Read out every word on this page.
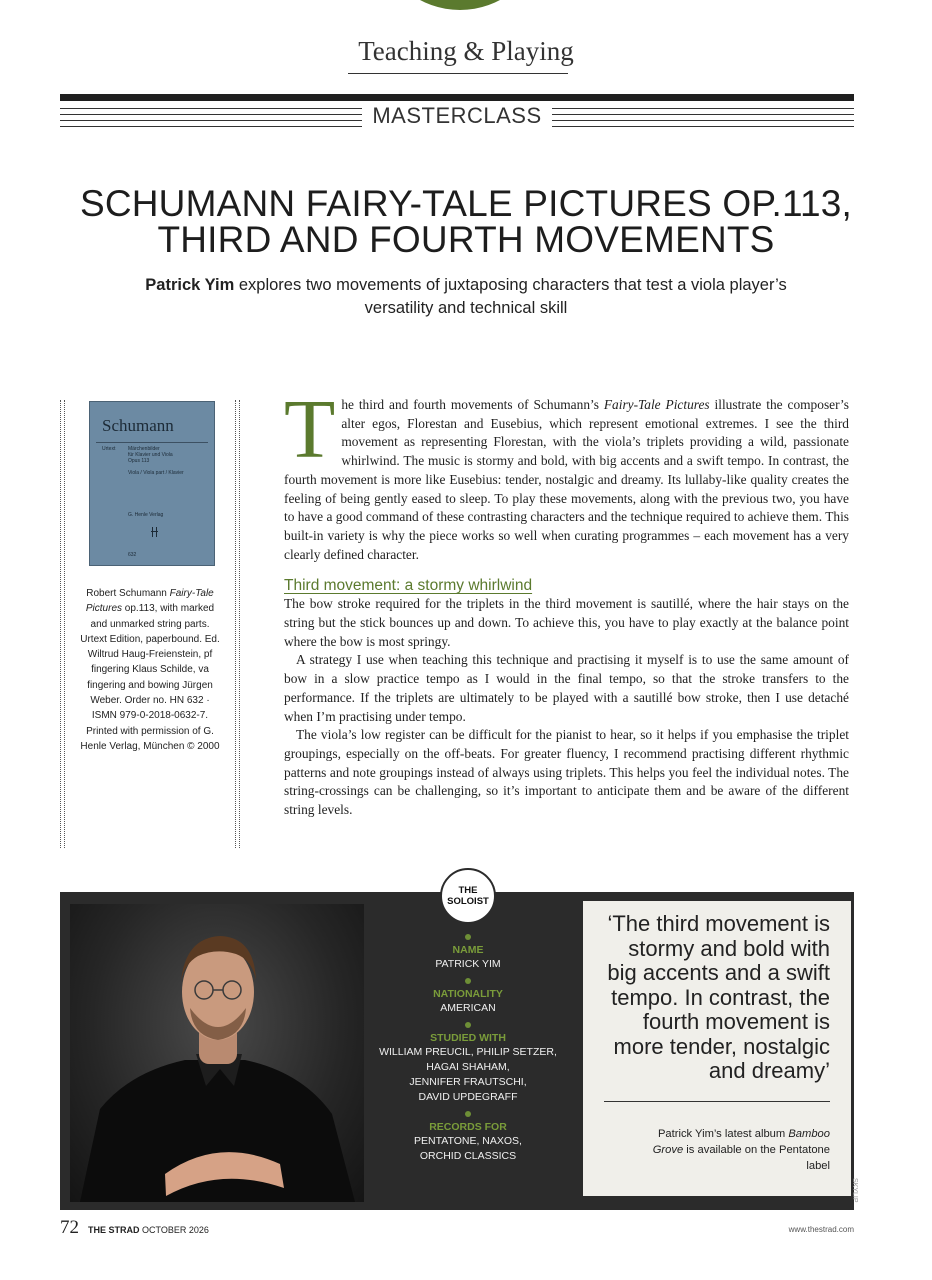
Teaching & Playing
MASTERCLASS
SCHUMANN FAIRY-TALE PICTURES OP.113,
THIRD AND FOURTH MOVEMENTS
Patrick Yim explores two movements of juxtaposing characters that test a viola player’s versatility and technical skill
Schumann
Urtext	Märchenbilder
für Klavier und Viola
Opus 113
Viola / Viola part / Klavier
G. Henle Verlag
632
Robert Schumann Fairy-Tale Pictures op.113, with marked and unmarked string parts. Urtext Edition, paperbound. Ed. Wiltrud Haug-Freienstein, pf fingering Klaus Schilde, va fingering and bowing Jürgen Weber. Order no. HN 632 · ISMN 979-0-2018-0632-7. Printed with permission of G. Henle Verlag, München © 2000

The third and fourth movements of Schumann’s Fairy-Tale Pictures illustrate the composer’s alter egos, Florestan and Eusebius, which represent emotional extremes. I see the third movement as representing Florestan, with the viola’s triplets providing a wild, passionate whirlwind. The music is stormy and bold, with big accents and a swift tempo. In contrast, the fourth movement is more like Eusebius: tender, nostalgic and dreamy. Its lullaby-like quality creates the feeling of being gently eased to sleep. To play these movements, along with the previous two, you have to have a good command of these contrasting characters and the technique required to achieve them. This built-in variety is why the piece works so well when curating programmes – each movement has a very clearly defined character.

Third movement: a stormy whirlwind

The bow stroke required for the triplets in the third movement is sautillé, where the hair stays on the string but the stick bounces up and down. To achieve this, you have to play exactly at the balance point where the bow is most springy.

A strategy I use when teaching this technique and practising it myself is to use the same amount of bow in a slow practice tempo as I would in the final tempo, so that the stroke transfers to the performance. If the triplets are ultimately to be played with a sautillé bow stroke, then I use detaché when I’m practising under tempo.

The viola’s low register can be difficult for the pianist to hear, so it helps if you emphasise the triplet groupings, especially on the off-beats. For greater fluency, I recommend practising different rhythmic patterns and note groupings instead of always using triplets. This helps you feel the individual notes. The string-crossings can be challenging, so it’s important to anticipate them and be aware of the different string levels.

THE
SOLOIST
NAME
PATRICK YIM
NATIONALITY
AMERICAN
STUDIED WITH
WILLIAM PREUCIL, PHILIP SETZER,
HAGAI SHAHAM,
JENNIFER FRAUTSCHI,
DAVID UPDEGRAFF
RECORDS FOR
PENTATONE, NAXOS,
ORCHID CLASSICS
‘The third movement is stormy and bold with big accents and a swift tempo. In contrast, the fourth movement is more tender, nostalgic and dreamy’
Patrick Yim’s latest album Bamboo Grove is available on the Pentatone label
SKYLIP
72 THE STRAD OCTOBER 2026	www.thestrad.com
